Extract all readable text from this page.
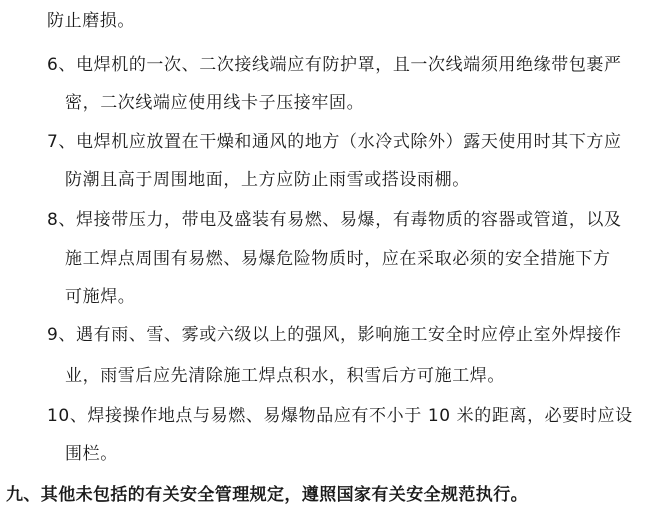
防止磨损。
6、电焊机的一次、二次接线端应有防护罩，且一次线端须用绝缘带包裹严
密，二次线端应使用线卡子压接牢固。
7、电焊机应放置在干燥和通风的地方（水冷式除外）露天使用时其下方应
防潮且高于周围地面，上方应防止雨雪或搭设雨棚。
8、焊接带压力，带电及盛装有易燃、易爆，有毒物质的容器或管道，以及
施工焊点周围有易燃、易爆危险物质时，应在采取必须的安全措施下方
可施焊。
9、遇有雨、雪、雾或六级以上的强风，影响施工安全时应停止室外焊接作
业，雨雪后应先清除施工焊点积水，积雪后方可施工焊。
10、焊接操作地点与易燃、易爆物品应有不小于 10 米的距离，必要时应设
围栏。
九、其他未包括的有关安全管理规定，遵照国家有关安全规范执行。
